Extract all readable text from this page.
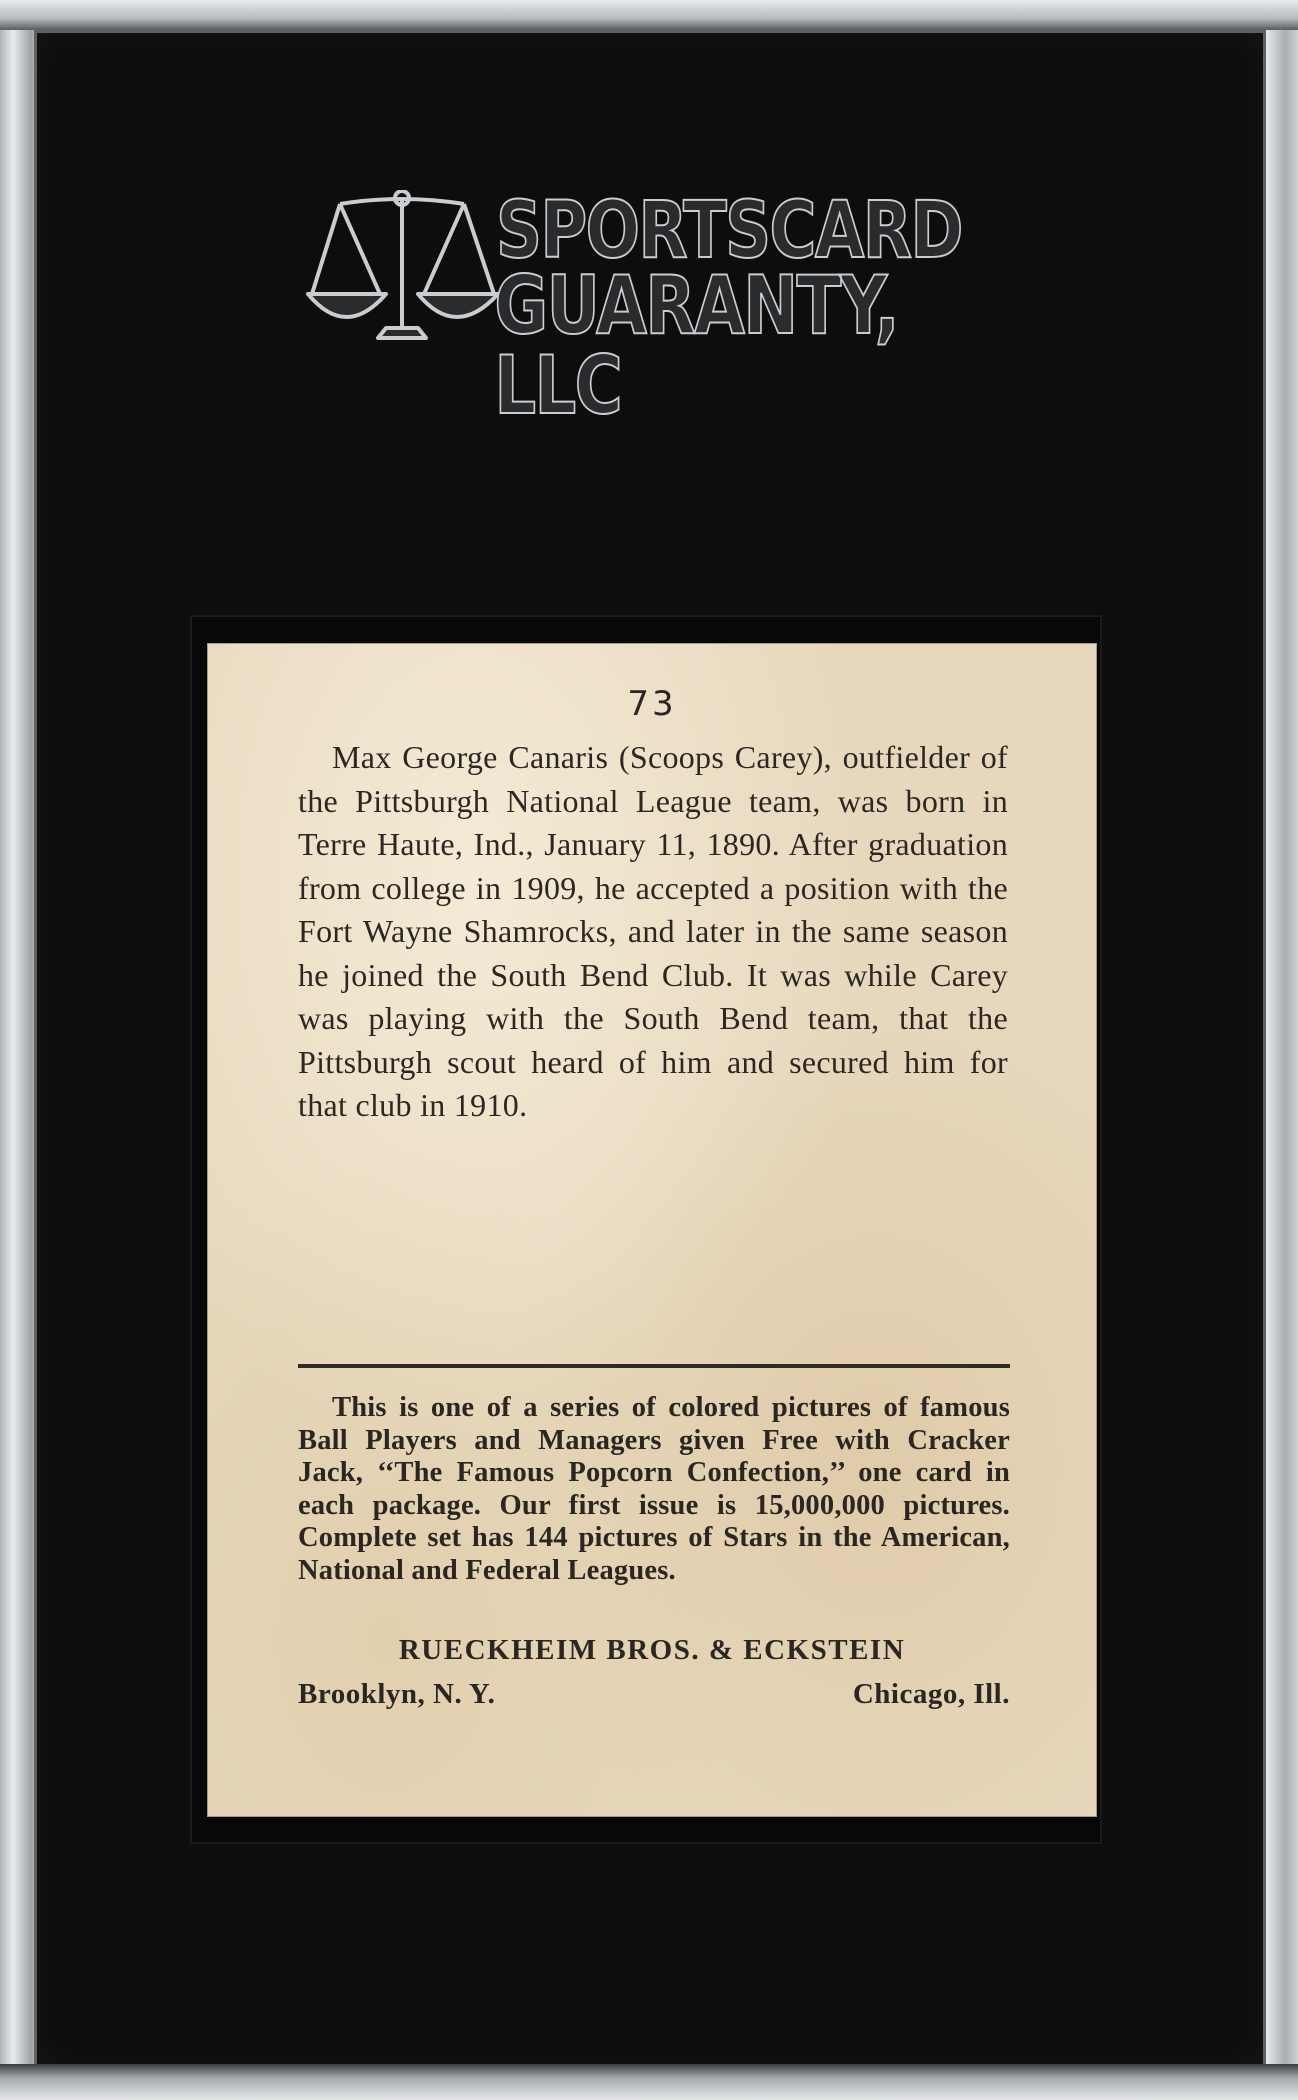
SPORTSCARD
GUARANTY, LLC
73

Max George Canaris (Scoops Carey), outfielder of the Pittsburgh National League team, was born in Terre Haute, Ind., January 11, 1890. After graduation from college in 1909, he accepted a position with the Fort Wayne Shamrocks, and later in the same season he joined the South Bend Club. It was while Carey was playing with the South Bend team, that the Pittsburgh scout heard of him and secured him for that club in 1910.

This is one of a series of colored pictures of famous Ball Players and Managers given Free with Cracker Jack, ‘‘The Famous Popcorn Confection,’’ one card in each package. Our first issue is 15,000,000 pictures. Complete set has 144 pictures of Stars in the American, National and Federal Leagues.

RUECKHEIM BROS. & ECKSTEIN
Brooklyn, N. Y.	Chicago, Ill.
